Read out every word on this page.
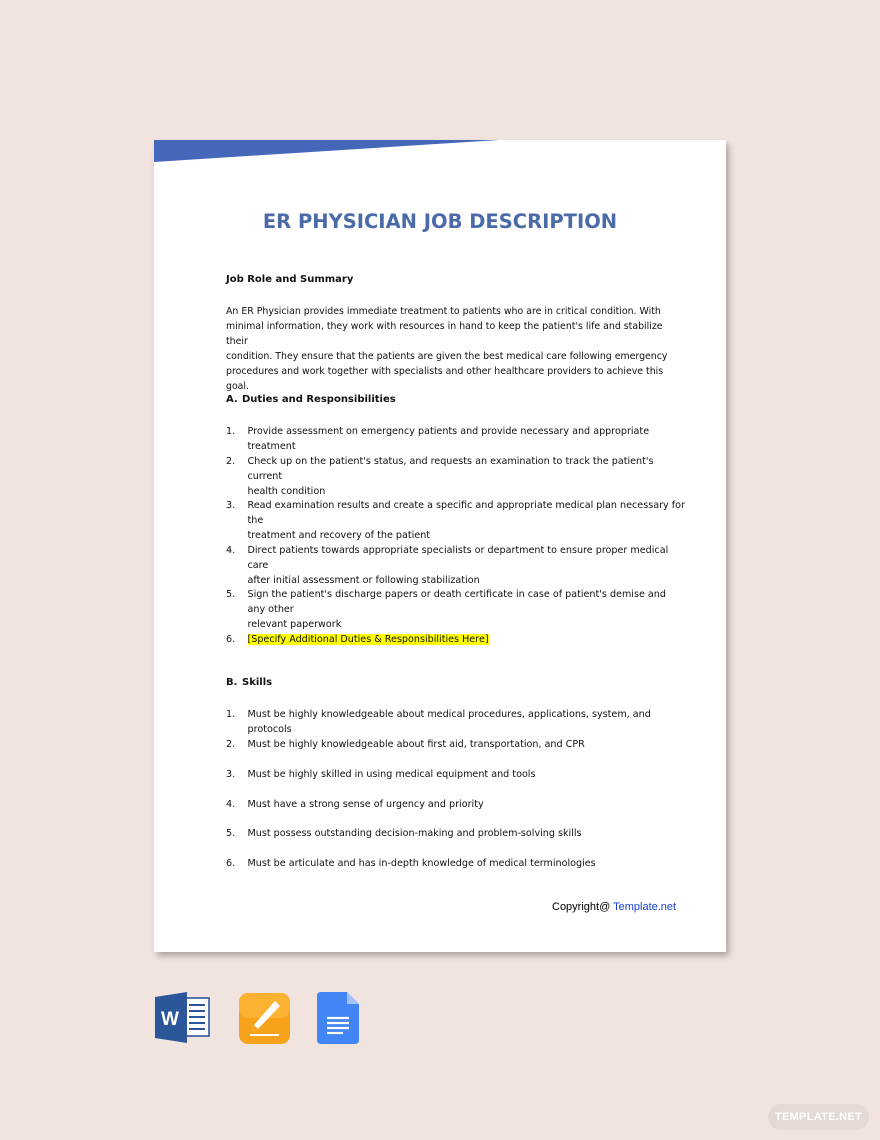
ER PHYSICIAN JOB DESCRIPTION
Job Role and Summary
An ER Physician provides immediate treatment to patients who are in critical condition. With
minimal information, they work with resources in hand to keep the patient's life and stabilize their
condition. They ensure that the patients are given the best medical care following emergency
procedures and work together with specialists and other healthcare providers to achieve this goal.
A. Duties and Responsibilities
1. Provide assessment on emergency patients and provide necessary and appropriate treatment
2. Check up on the patient's status, and requests an examination to track the patient's current
health condition
3. Read examination results and create a specific and appropriate medical plan necessary for the
treatment and recovery of the patient
4. Direct patients towards appropriate specialists or department to ensure proper medical care
after initial assessment or following stabilization
5. Sign the patient's discharge papers or death certificate in case of patient's demise and any other
relevant paperwork
6. [Specify Additional Duties & Responsibilities Here]
B. Skills
1. Must be highly knowledgeable about medical procedures, applications, system, and protocols
2. Must be highly knowledgeable about first aid, transportation, and CPR
3. Must be highly skilled in using medical equipment and tools
4. Must have a strong sense of urgency and priority
5. Must possess outstanding decision-making and problem-solving skills
6. Must be articulate and has in-depth knowledge of medical terminologies
Copyright@ Template.net
W
TEMPLATE.NET
